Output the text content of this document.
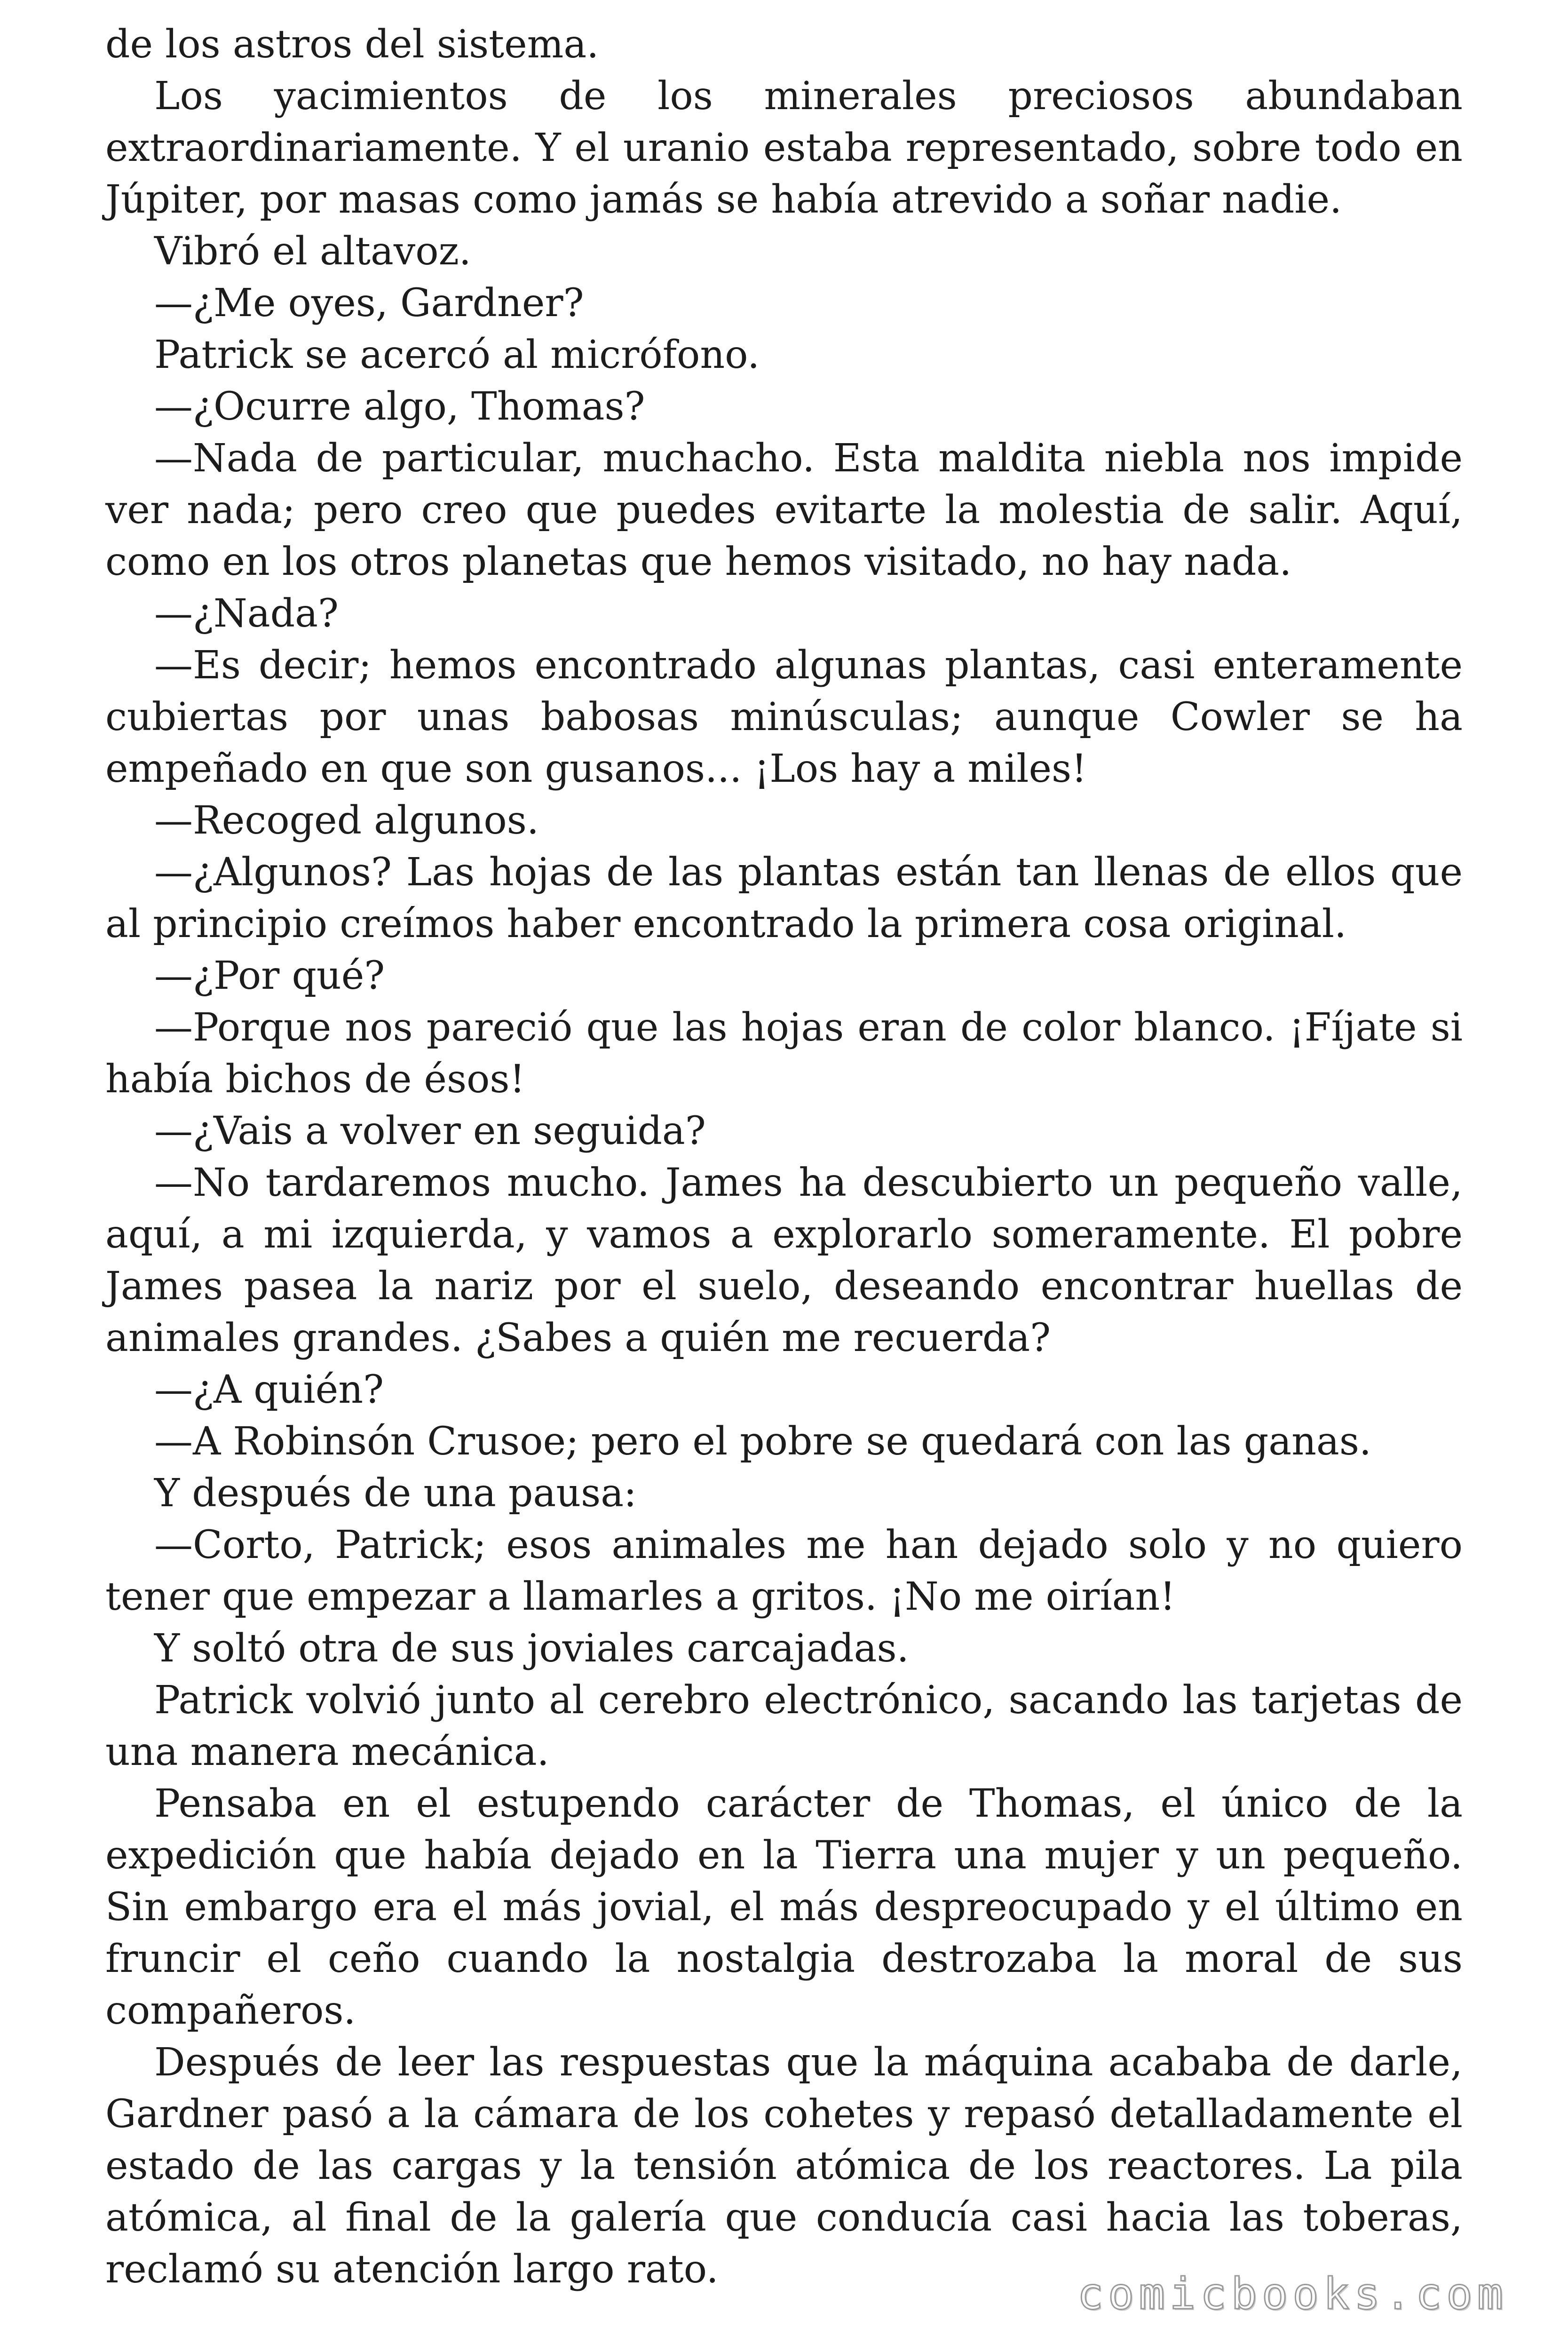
de los astros del sistema.

Los yacimientos de los minerales preciosos abundaban extraordinariamente. Y el uranio estaba representado, sobre todo en Júpiter, por masas como jamás se había atrevido a soñar nadie.

Vibró el altavoz.

—¿Me oyes, Gardner?

Patrick se acercó al micrófono.

—¿Ocurre algo, Thomas?

—Nada de particular, muchacho. Esta maldita niebla nos impide ver nada; pero creo que puedes evitarte la molestia de salir. Aquí, como en los otros planetas que hemos visitado, no hay nada.

—¿Nada?

—Es decir; hemos encontrado algunas plantas, casi enteramente cubiertas por unas babosas minúsculas; aunque Cowler se ha empeñado en que son gusanos... ¡Los hay a miles!

—Recoged algunos.

—¿Algunos? Las hojas de las plantas están tan llenas de ellos que al principio creímos haber encontrado la primera cosa original.

—¿Por qué?

—Porque nos pareció que las hojas eran de color blanco. ¡Fíjate si había bichos de ésos!

—¿Vais a volver en seguida?

—No tardaremos mucho. James ha descubierto un pequeño valle, aquí, a mi izquierda, y vamos a explorarlo someramente. El pobre James pasea la nariz por el suelo, deseando encontrar huellas de animales grandes. ¿Sabes a quién me recuerda?

—¿A quién?

—A Robinsón Crusoe; pero el pobre se quedará con las ganas.

Y después de una pausa:

—Corto, Patrick; esos animales me han dejado solo y no quiero tener que empezar a llamarles a gritos. ¡No me oirían!

Y soltó otra de sus joviales carcajadas.

Patrick volvió junto al cerebro electrónico, sacando las tarjetas de una manera mecánica.

Pensaba en el estupendo carácter de Thomas, el único de la expedición que había dejado en la Tierra una mujer y un pequeño. Sin embargo era el más jovial, el más despreocupado y el último en fruncir el ceño cuando la nostalgia destrozaba la moral de sus compañeros.

Después de leer las respuestas que la máquina acababa de darle, Gardner pasó a la cámara de los cohetes y repasó detalladamente el estado de las cargas y la tensión atómica de los reactores. La pila atómica, al final de la galería que conducía casi hacia las toberas, reclamó su atención largo rato.	comicbooks.com
